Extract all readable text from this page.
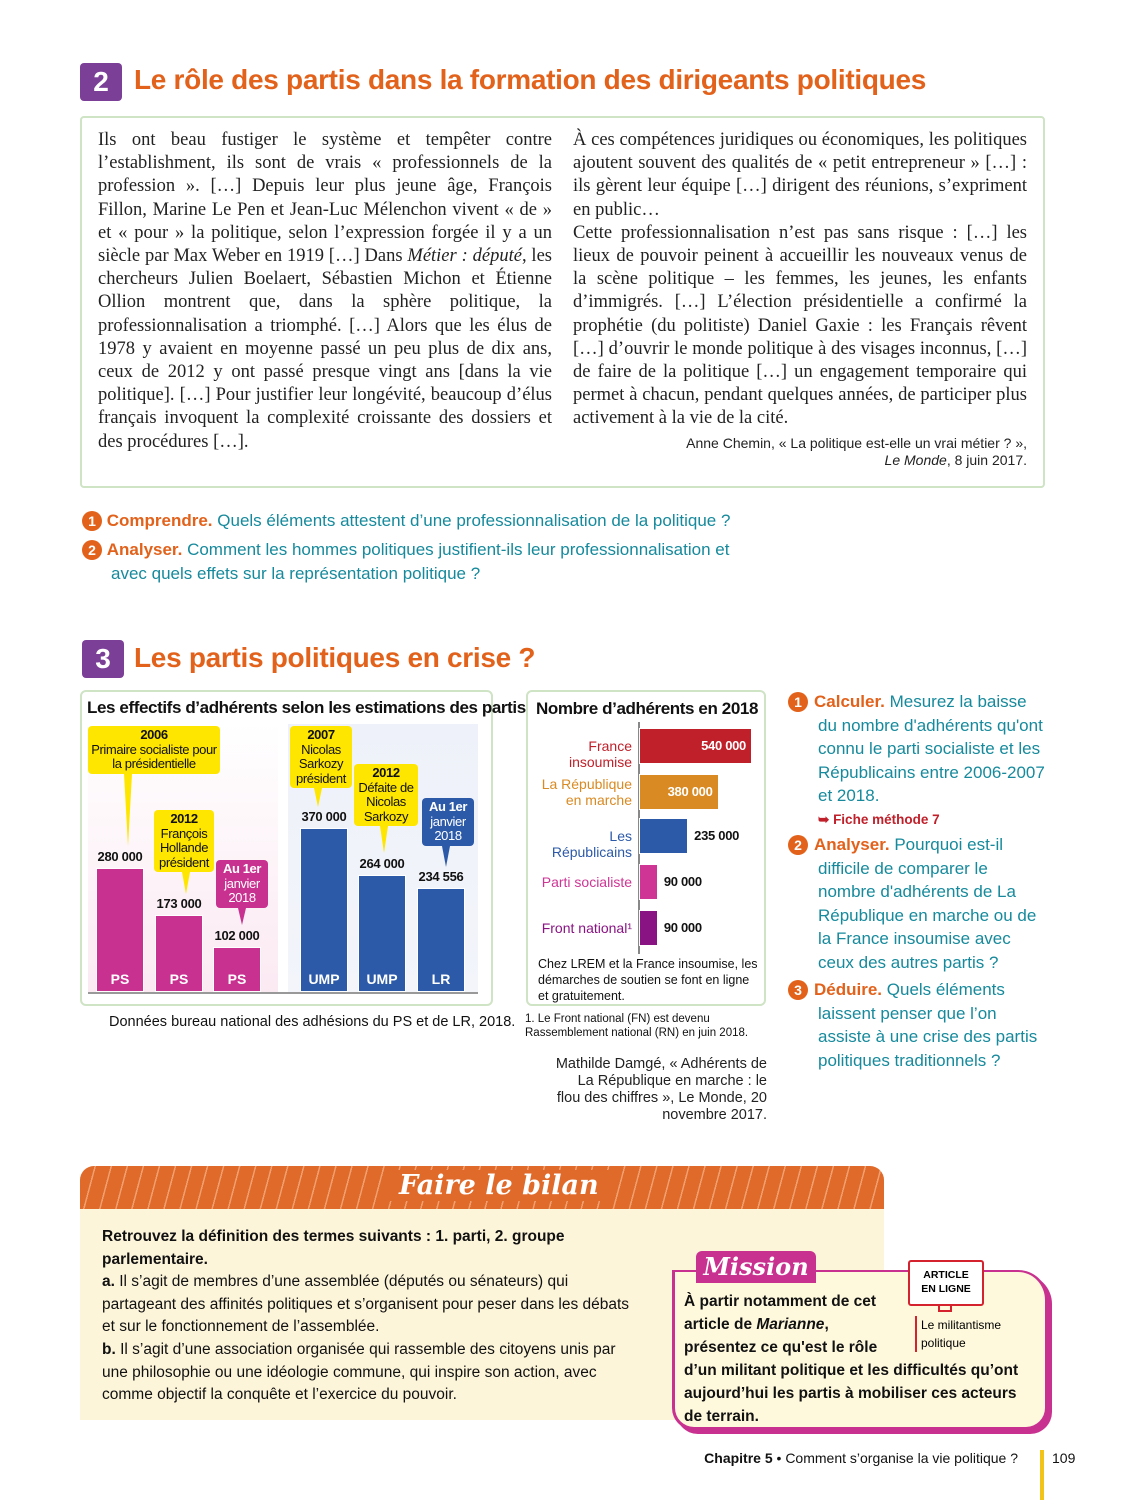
2 Le rôle des partis dans la formation des dirigeants politiques
Ils ont beau fustiger le système et tempêter contre l’establishment, ils sont de vrais « professionnels de la profession ». […] Depuis leur plus jeune âge, François Fillon, Marine Le Pen et Jean-Luc Mélenchon vivent « de » et « pour » la politique, selon l’expression forgée il y a un siècle par Max Weber en 1919 […] Dans Métier : député, les chercheurs Julien Boelaert, Sébastien Michon et Étienne Ollion montrent que, dans la sphère politique, la professionnalisation a triomphé. […] Alors que les élus de 1978 y avaient en moyenne passé un peu plus de dix ans, ceux de 2012 y ont passé presque vingt ans [dans la vie politique]. […] Pour justifier leur longévité, beaucoup d’élus français invoquent la complexité croissante des dossiers et des procédures […].
À ces compétences juridiques ou économiques, les politiques ajoutent souvent des qualités de « petit entrepreneur » […] : ils gèrent leur équipe […] dirigent des réunions, s’expriment en public…
Cette professionnalisation n’est pas sans risque : […] les lieux de pouvoir peinent à accueillir les nouveaux venus de la scène politique – les femmes, les jeunes, les enfants d’immigrés. […] L’élection présidentielle a confirmé la prophétie (du politiste) Daniel Gaxie : les Français rêvent […] d’ouvrir le monde politique à des visages inconnus, […] de faire de la politique […] un engagement temporaire qui permet à chacun, pendant quelques années, de participer plus activement à la vie de la cité.
Anne Chemin, « La politique est-elle un vrai métier ? »,
Le Monde, 8 juin 2017.
1 Comprendre. Quels éléments attestent d’une professionnalisation de la politique ?
2 Analyser. Comment les hommes politiques justifient-ils leur professionnalisation et avec quels effets sur la représentation politique ?
3 Les partis politiques en crise ?
Les effectifs d’adhérents selon les estimations des partis
PS
280 000
PS
173 000
PS
102 000
UMP
370 000
UMP
264 000
LR
234 556
2006
Primaire socialiste pour la présidentielle
2012
François Hollande président	Au 1er
janvier 2018
2007
Nicolas Sarkozy président	2012
Défaite de Nicolas Sarkozy
Au 1er
janvier 2018
Données bureau national des adhésions du PS et de LR, 2018.
Nombre d’adhérents en 2018
540 000
France insoumise
380 000
La République en marche
235 000
Les Républicains
90 000
Parti socialiste
90 000
Front national¹
Chez LREM et la France insoumise, les démarches de soutien se font en ligne et gratuitement.
1. Le Front national (FN) est devenu Rassemblement national (RN) en juin 2018.
Mathilde Damgé, « Adhérents de La République en marche : le flou des chiffres », Le Monde, 20 novembre 2017.
1 Calculer. Mesurez la baisse du nombre d'adhérents qu'ont connu le parti socialiste et les Républicains entre 2006-2007 et 2018.
➥ Fiche méthode 7
2 Analyser. Pourquoi est-il difficile de comparer le nombre d'adhérents de La République en marche ou de la France insoumise avec ceux des autres partis ?
3 Déduire. Quels éléments laissent penser que l’on assiste à une crise des partis politiques traditionnels ?
Faire le bilan
Retrouvez la définition des termes suivants : 1. parti, 2. groupe parlementaire.
a. Il s’agit de membres d’une assemblée (députés ou sénateurs) qui partageant des affinités politiques et s’organisent pour peser dans les débats et sur le fonctionnement de l’assemblée.
b. Il s’agit d’une association organisée qui rassemble des citoyens unis par une philosophie ou une idéologie commune, qui inspire son action, avec comme objectif la conquête et l’exercice du pouvoir.
Mission
À partir notamment de cet article de Marianne, présentez ce qu'est le rôle d’un militant politique et les difficultés qu’ont aujourd’hui les partis à mobiliser ces acteurs de terrain.
ARTICLE EN LIGNE
Le militantisme politique
Chapitre 5 • Comment s’organise la vie politique ? 109
